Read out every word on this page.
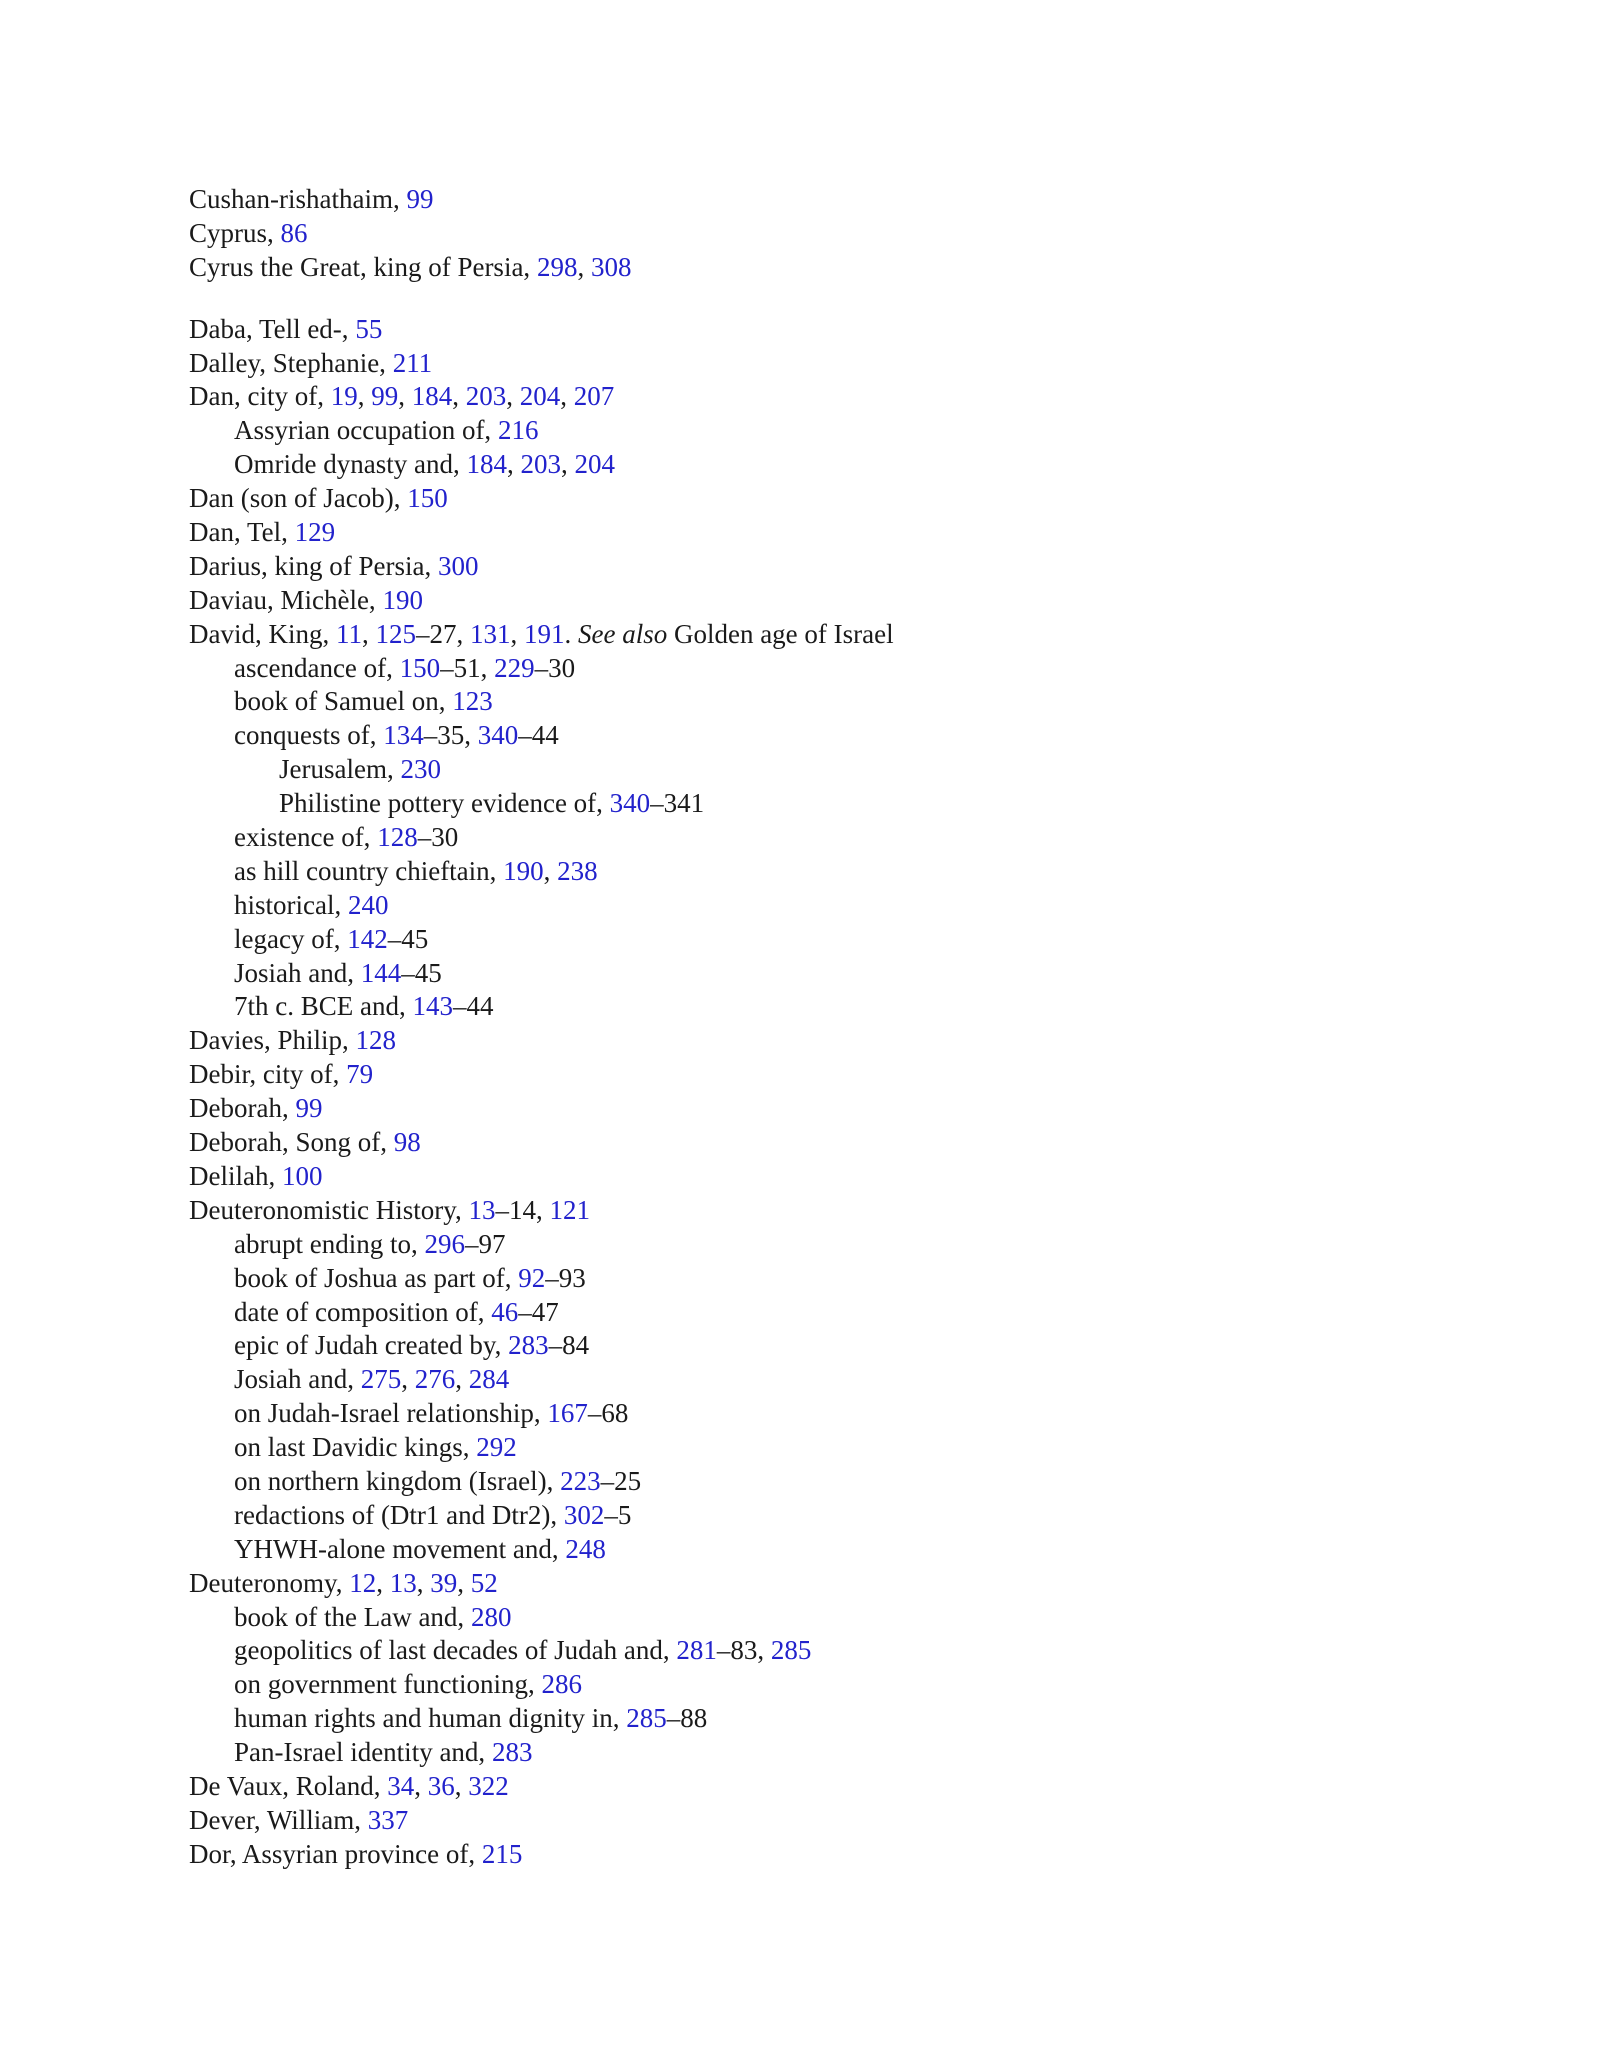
Cushan-rishathaim, 99
Cyprus, 86
Cyrus the Great, king of Persia, 298, 308
Daba, Tell ed-, 55
Dalley, Stephanie, 211
Dan, city of, 19, 99, 184, 203, 204, 207
Assyrian occupation of, 216
Omride dynasty and, 184, 203, 204
Dan (son of Jacob), 150
Dan, Tel, 129
Darius, king of Persia, 300
Daviau, Michèle, 190
David, King, 11, 125–27, 131, 191. See also Golden age of Israel
ascendance of, 150–51, 229–30
book of Samuel on, 123
conquests of, 134–35, 340–44
Jerusalem, 230
Philistine pottery evidence of, 340–341
existence of, 128–30
as hill country chieftain, 190, 238
historical, 240
legacy of, 142–45
Josiah and, 144–45
7th c. BCE and, 143–44
Davies, Philip, 128
Debir, city of, 79
Deborah, 99
Deborah, Song of, 98
Delilah, 100
Deuteronomistic History, 13–14, 121
abrupt ending to, 296–97
book of Joshua as part of, 92–93
date of composition of, 46–47
epic of Judah created by, 283–84
Josiah and, 275, 276, 284
on Judah-Israel relationship, 167–68
on last Davidic kings, 292
on northern kingdom (Israel), 223–25
redactions of (Dtr1 and Dtr2), 302–5
YHWH-alone movement and, 248
Deuteronomy, 12, 13, 39, 52
book of the Law and, 280
geopolitics of last decades of Judah and, 281–83, 285
on government functioning, 286
human rights and human dignity in, 285–88
Pan-Israel identity and, 283
De Vaux, Roland, 34, 36, 322
Dever, William, 337
Dor, Assyrian province of, 215
